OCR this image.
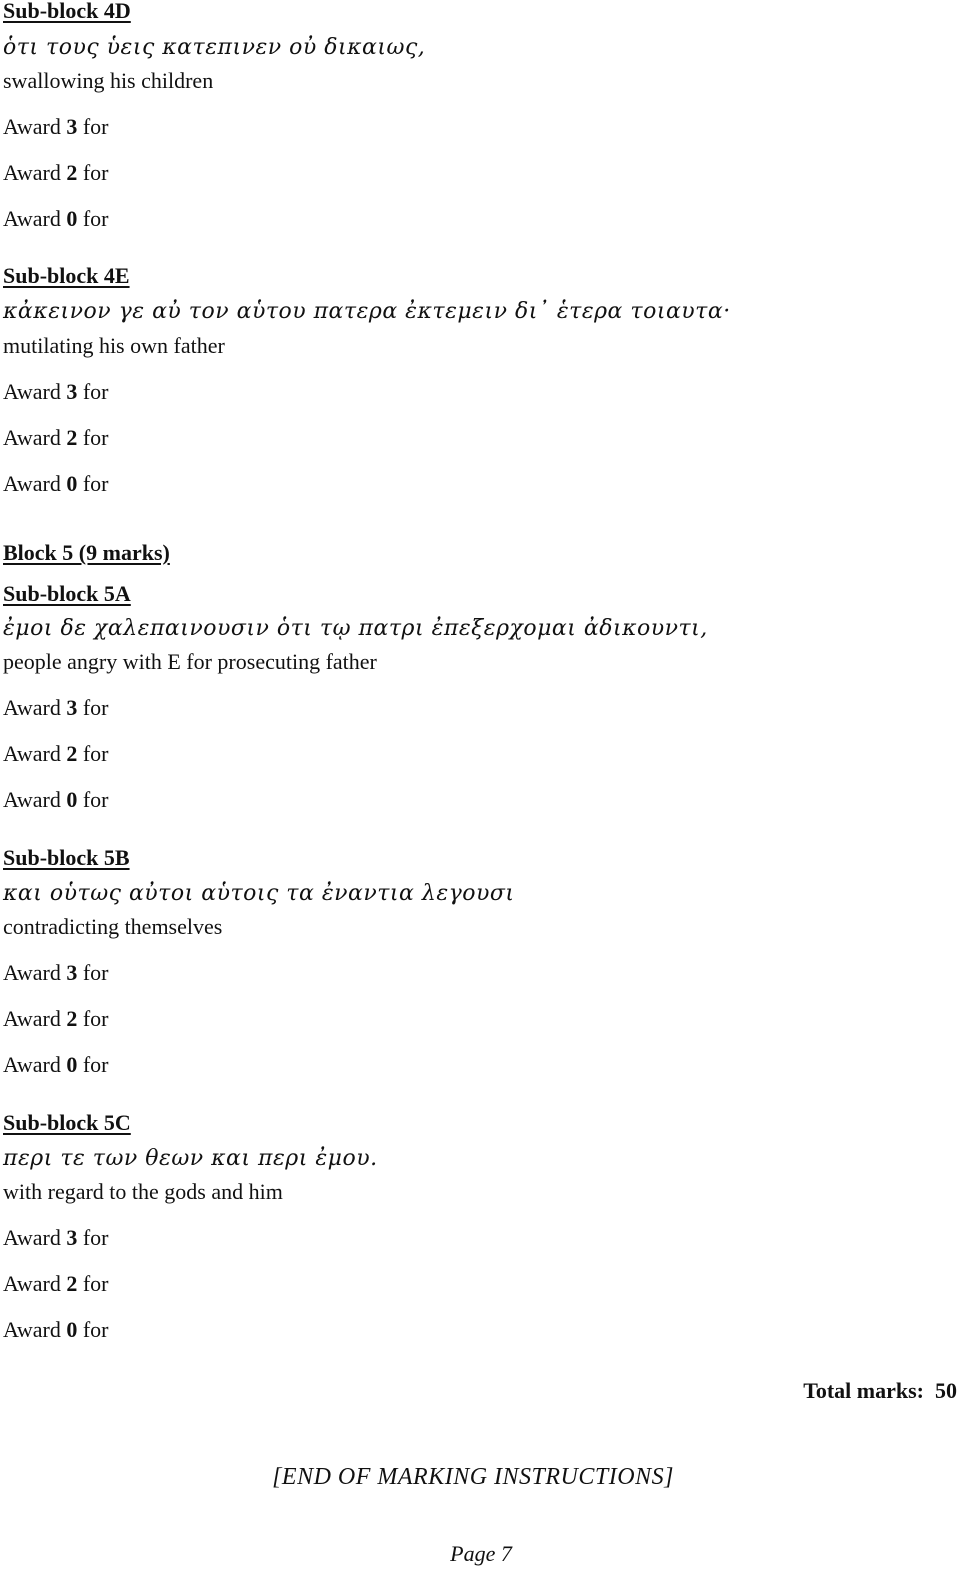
Sub-block 4D
ὁτι τους ὑεις κατεπινεν οὐ δικαιως,
swallowing his children
Award 3 for
Award 2 for
Award 0 for
Sub-block 4E
κἀκεινον γε αὐ τον αὑτου πατερα ἐκτεμειν δι᾽ ἑτερα τοιαυτα·
mutilating his own father
Award 3 for
Award 2 for
Award 0 for
Block 5 (9 marks)
Sub-block 5A
ἐμοι δε χαλεπαινουσιν ὁτι τῳ πατρι ἐπεξερχομαι ἀδικουντι,
people angry with E for prosecuting father
Award 3 for
Award 2 for
Award 0 for
Sub-block 5B
και οὑτως αὐτοι αὑτοις τα ἐναντια λεγουσι
contradicting themselves
Award 3 for
Award 2 for
Award 0 for
Sub-block 5C
περι τε των θεων και περι ἐμου.
with regard to the gods and him
Award 3 for
Award 2 for
Award 0 for
Total marks: 50
[END OF MARKING INSTRUCTIONS]
Page 7
